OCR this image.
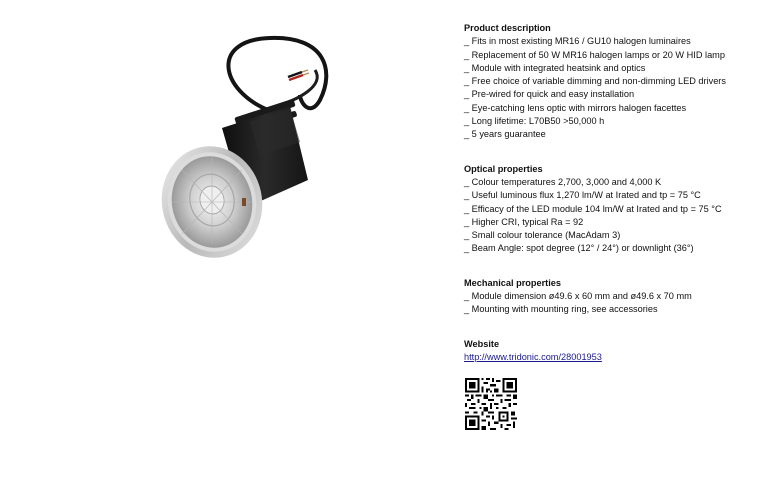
Product description
_ Fits in most existing MR16 / GU10 halogen luminaires
_ Replacement of 50 W MR16 halogen lamps or 20 W HID lamp
_ Module with integrated heatsink and optics
_ Free choice of variable dimming and non-dimming LED drivers
_ Pre-wired for quick and easy installation
_ Eye-catching lens optic with mirrors halogen facettes
_ Long lifetime: L70B50 >50,000 h
_ 5 years guarantee
Optical properties
_ Colour temperatures 2,700, 3,000 and 4,000 K
_ Useful luminous flux 1,270 lm/W at Irated and tp = 75 °C
_ Efficacy of the LED module 104 lm/W at Irated and tp = 75 °C
_ Higher CRI, typical Ra = 92
_ Small colour tolerance (MacAdam 3)
_ Beam Angle: spot degree (12° / 24°) or downlight (36°)
Mechanical properties
_ Module dimension ø49.6 x 60 mm and ø49.6 x 70 mm
_ Mounting with mounting ring, see accessories
Website
http://www.tridonic.com/28001953
